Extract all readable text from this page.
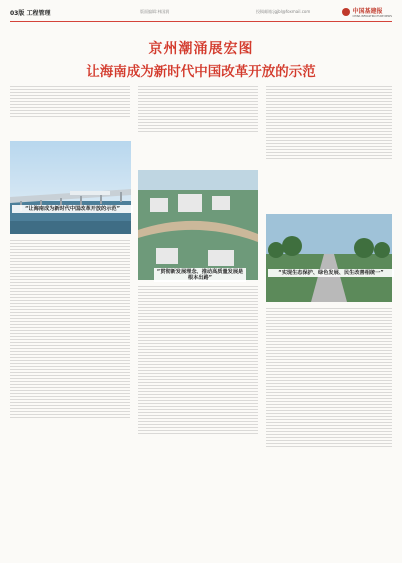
03版 工程管理	版面编辑:林国润	投稿邮箱:jgjbl@foxmail.com	中国基建报
CHINA INFRASTRUCTURE NEWS
京州潮涌展宏图
让海南成为新时代中国改革开放的示范
“让海南成为新时代中国改革开放的示范”
“贯彻新发展理念、推动高质量发展是根本出路”
“实现生态保护、绿色发展、民生改善相统一”
